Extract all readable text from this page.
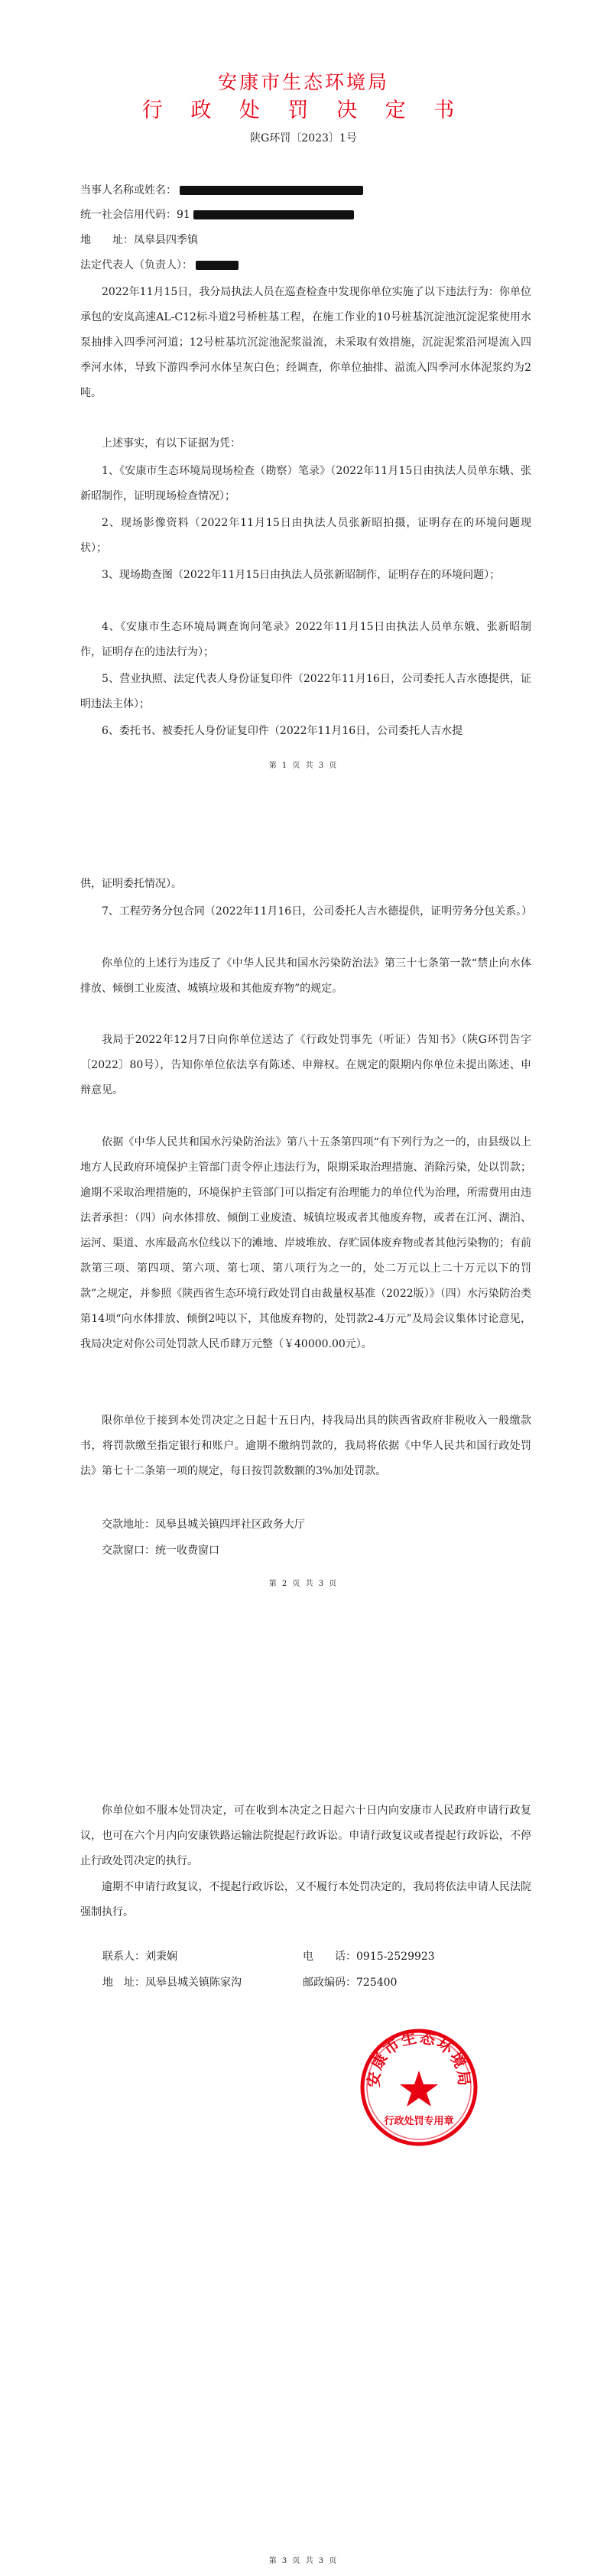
安康市生态环境局
行 政 处 罚 决 定 书
陕G环罚〔2023〕1号
当事人名称或姓名：
统一社会信用代码：91
地　　址：凤皋县四季镇
法定代表人（负责人）：
2022年11月15日，我分局执法人员在巡查检查中发现你单位实施了以下违法行为：你单位承包的安岚高速AL-C12标斗道2号桥桩基工程，在施工作业的10号桩基沉淀池沉淀泥浆使用水泵抽排入四季河河道；12号桩基坑沉淀池泥浆溢流，未采取有效措施，沉淀泥浆沿河堤流入四季河水体，导致下游四季河水体呈灰白色；经调查，你单位抽排、溢流入四季河水体泥浆约为2吨。
上述事实，有以下证据为凭：
1、《安康市生态环境局现场检查（勘察）笔录》（2022年11月15日由执法人员单东娥、张新昭制作，证明现场检查情况）；
2、现场影像资料（2022年11月15日由执法人员张新昭拍摄，证明存在的环境问题现状）；
3、现场勘查图（2022年11月15日由执法人员张新昭制作，证明存在的环境问题）；
4、《安康市生态环境局调查询问笔录》2022年11月15日由执法人员单东娥、张新昭制作，证明存在的违法行为）；
5、营业执照、法定代表人身份证复印件（2022年11月16日，公司委托人吉水德提供，证明违法主体）；
6、委托书、被委托人身份证复印件（2022年11月16日，公司委托人吉水提
第 1 页 共 3 页
供，证明委托情况）。
7、工程劳务分包合同（2022年11月16日，公司委托人吉水德提供，证明劳务分包关系。）
你单位的上述行为违反了《中华人民共和国水污染防治法》第三十七条第一款“禁止向水体排放、倾倒工业废渣、城镇垃圾和其他废弃物”的规定。
我局于2022年12月7日向你单位送达了《行政处罚事先（听证）告知书》（陕G环罚告字〔2022〕80号），告知你单位依法享有陈述、申辩权。在规定的限期内你单位未提出陈述、申辩意见。
依据《中华人民共和国水污染防治法》第八十五条第四项“有下列行为之一的，由县级以上地方人民政府环境保护主管部门责令停止违法行为，限期采取治理措施、消除污染，处以罚款；逾期不采取治理措施的，环境保护主管部门可以指定有治理能力的单位代为治理，所需费用由违法者承担：（四）向水体排放、倾倒工业废渣、城镇垃圾或者其他废弃物，或者在江河、湖泊、运河、渠道、水库最高水位线以下的滩地、岸坡堆放、存贮固体废弃物或者其他污染物的；有前款第三项、第四项、第六项、第七项、第八项行为之一的，处二万元以上二十万元以下的罚款”之规定，并参照《陕西省生态环境行政处罚自由裁量权基准（2022版）》（四）水污染防治类第14项“向水体排放、倾倒2吨以下，其他废弃物的，处罚款2-4万元”及局会议集体讨论意见，我局决定对你公司处罚款人民币肆万元整（￥40000.00元）。
限你单位于接到本处罚决定之日起十五日内，持我局出具的陕西省政府非税收入一般缴款书，将罚款缴至指定银行和账户。逾期不缴纳罚款的，我局将依据《中华人民共和国行政处罚法》第七十二条第一项的规定，每日按罚款数额的3%加处罚款。
交款地址：凤皋县城关镇四坪社区政务大厅
交款窗口：统一收费窗口
第 2 页 共 3 页
你单位如不服本处罚决定，可在收到本决定之日起六十日内向安康市人民政府申请行政复议，也可在六个月内向安康铁路运输法院提起行政诉讼。申请行政复议或者提起行政诉讼，不停止行政处罚决定的执行。
逾期不申请行政复议，不提起行政诉讼，又不履行本处罚决定的，我局将依法申请人民法院强制执行。
联系人：刘秉娴	电　　话：0915-2529923
地　址：凤皋县城关镇陈家沟	邮政编码：725400
第 3 页 共 3 页
安康市生态环境局
行政处罚专用章
